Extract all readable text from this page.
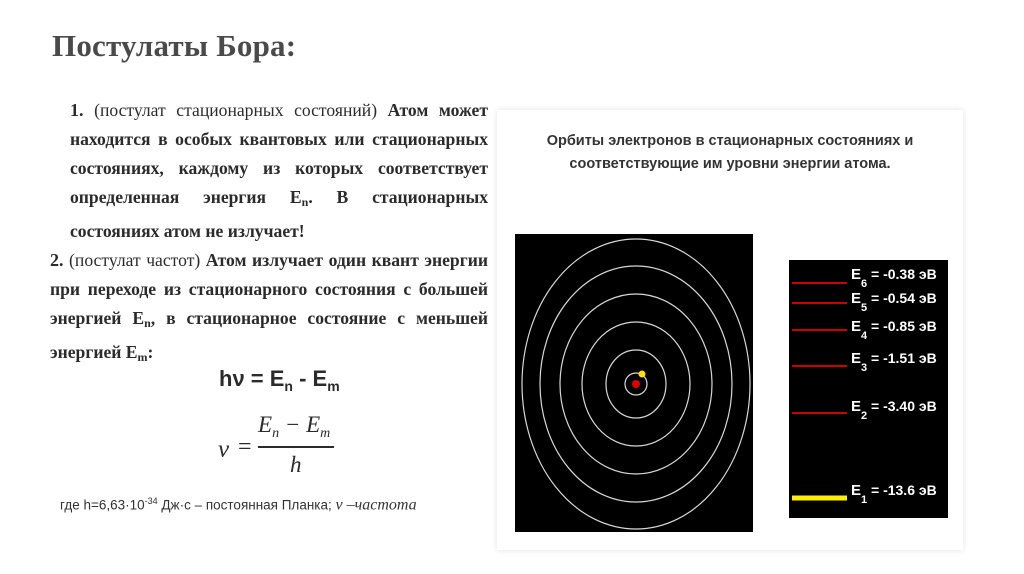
Постулаты Бора:

1. (постулат стационарных состояний) Атом может находится в особых квантовых или стационарных состояниях, каждому из которых соответствует определенная энергия $E_n$. В стационарных состояниях атом не излучает!

2. (постулат частот) Атом излучает один квант энергии при переходе из стационарного состояния с большей энергией $E_n$, в стационарное состояние с меньшей энергией $E_m$:

$h\nu = E_n - E_m$
ν =
$E_n - E_m$
h
где $h=6,63\cdot 10^{-34}$ Дж·с – постоянная Планка; ν –частота
Орбиты электронов в стационарных состояниях и
соответствующие им уровни энергии атома.
$E_6$
= -0.38 эВ
$E_5$
= -0.54 эВ
$E_4$
= -0.85 эВ
$E_3$
= -1.51 эВ
$E_2$
= -3.40 эВ
$E_1$
= -13.6 эВ
